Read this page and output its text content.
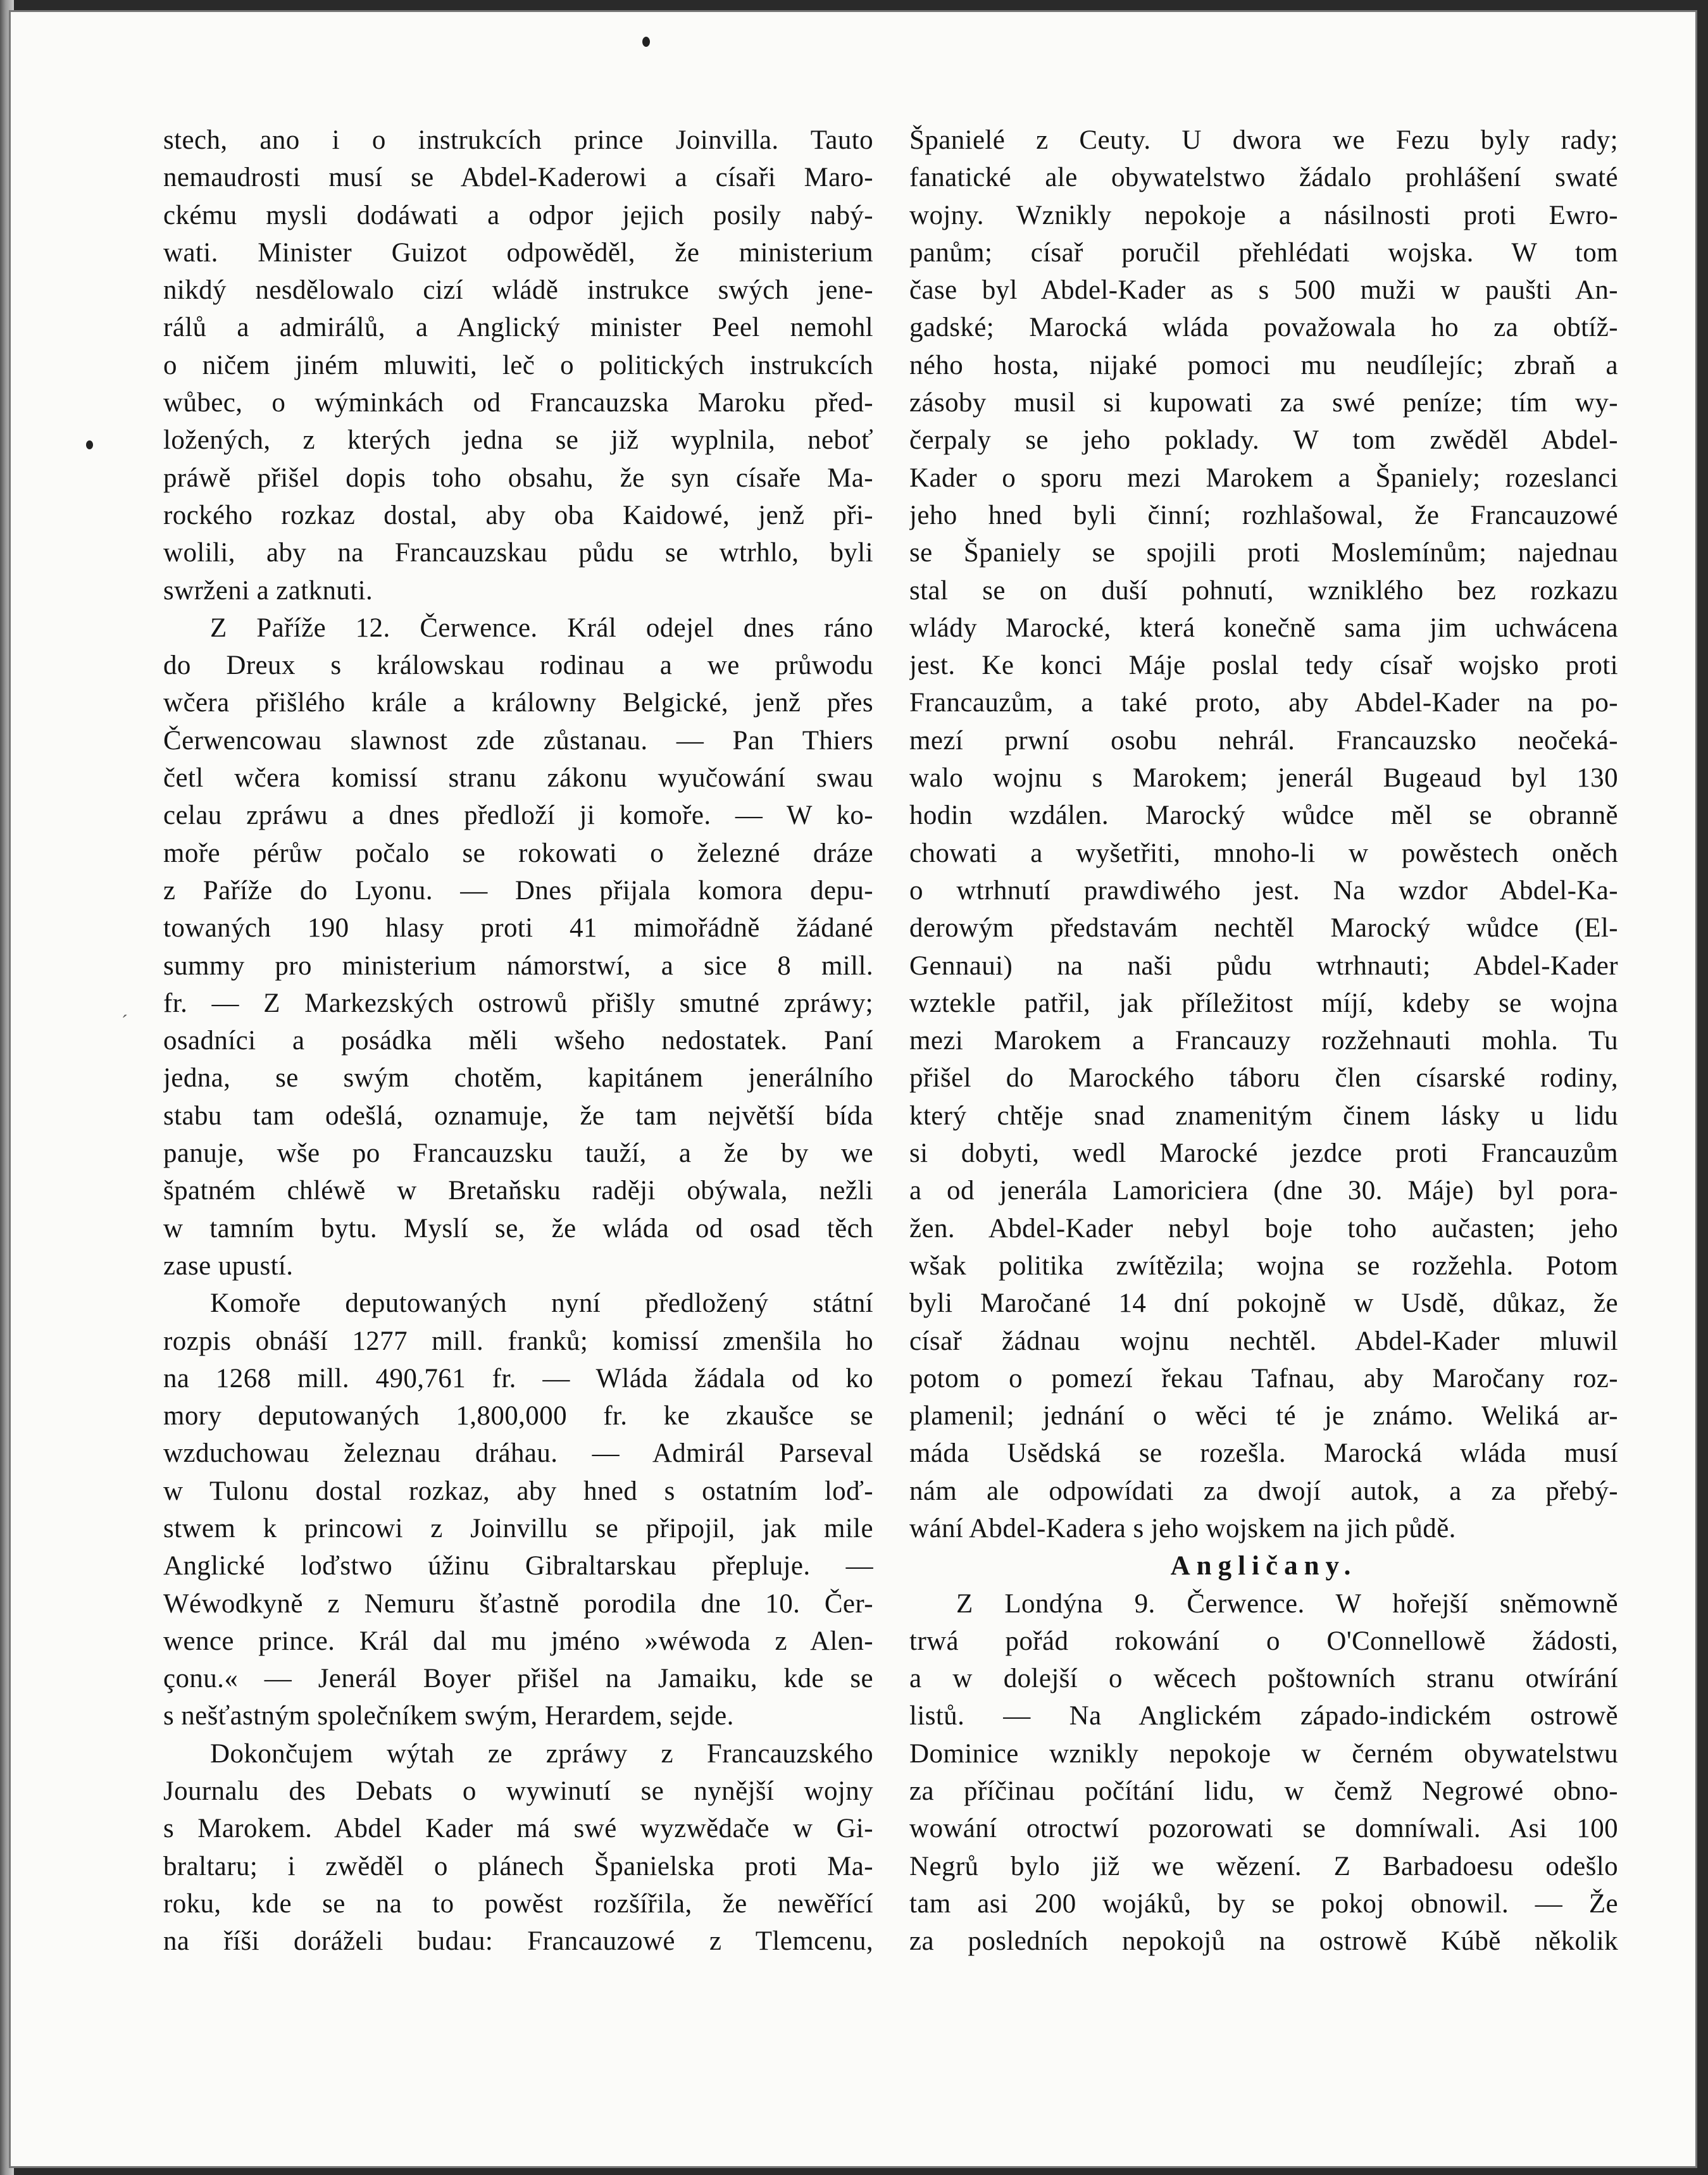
ˊ
stech, ano i o instrukcích prince Joinvilla. Tauto
nemaudrosti musí se Abdel-Kaderowi a císaři Maro-
ckému mysli dodáwati a odpor jejich posily nabý-
wati. Minister Guizot odpowěděl, že ministerium
nikdý nesdělowalo cizí wládě instrukce swých jene-
rálů a admirálů, a Anglický minister Peel nemohl
o ničem jiném mluwiti, leč o politických instrukcích
wůbec, o wýminkách od Francauzska Maroku před-
ložených, z kterých jedna se již wyplnila, neboť
práwě přišel dopis toho obsahu, že syn císaře Ma-
rockého rozkaz dostal, aby oba Kaidowé, jenž při-
wolili, aby na Francauzskau půdu se wtrhlo, byli
swrženi a zatknuti.
Z Paříže 12. Čerwence. Král odejel dnes ráno
do Dreux s králowskau rodinau a we průwodu
wčera přišlého krále a králowny Belgické, jenž přes
Čerwencowau slawnost zde zůstanau. — Pan Thiers
četl wčera komissí stranu zákonu wyučowání swau
celau zpráwu a dnes předloží ji komoře. — W ko-
moře pérůw počalo se rokowati o železné dráze
z Paříže do Lyonu. — Dnes přijala komora depu-
towaných 190 hlasy proti 41 mimořádně žádané
summy pro ministerium námorstwí, a sice 8 mill.
fr. — Z Markezských ostrowů přišly smutné zpráwy;
osadníci a posádka měli wšeho nedostatek. Paní
jedna, se swým chotěm, kapitánem jenerálního
stabu tam odešlá, oznamuje, že tam největší bída
panuje, wše po Francauzsku tauží, a že by we
špatném chléwě w Bretaňsku raději obýwala, nežli
w tamním bytu. Myslí se, že wláda od osad těch
zase upustí.
Komoře deputowaných nyní předložený státní
rozpis obnáší 1277 mill. franků; komissí zmenšila ho
na 1268 mill. 490,761 fr. — Wláda žádala od ko
mory deputowaných 1,800,000 fr. ke zkaušce se
wzduchowau železnau dráhau. — Admirál Parseval
w Tulonu dostal rozkaz, aby hned s ostatním loď-
stwem k princowi z Joinvillu se připojil, jak mile
Anglické loďstwo úžinu Gibraltarskau přepluje. —
Wéwodkyně z Nemuru šťastně porodila dne 10. Čer-
wence prince. Král dal mu jméno »wéwoda z Alen-
çonu.« — Jenerál Boyer přišel na Jamaiku, kde se
s nešťastným společníkem swým, Herardem, sejde.
Dokončujem wýtah ze zpráwy z Francauzského
Journalu des Debats o wywinutí se nynější wojny
s Marokem. Abdel Kader má swé wyzwědače w Gi-
braltaru; i zwěděl o plánech Španielska proti Ma-
roku, kde se na to powěst rozšířila, že newěřící
na říši doráželi budau: Francauzowé z Tlemcenu,
Španielé z Ceuty. U dwora we Fezu byly rady;
fanatické ale obywatelstwo žádalo prohlášení swaté
wojny. Wznikly nepokoje a násilnosti proti Ewro-
panům; císař poručil přehlédati wojska. W tom
čase byl Abdel-Kader as s 500 muži w paušti An-
gadské; Marocká wláda považowala ho za obtíž-
ného hosta, nijaké pomoci mu neudílejíc; zbraň a
zásoby musil si kupowati za swé peníze; tím wy-
čerpaly se jeho poklady. W tom zwěděl Abdel-
Kader o sporu mezi Marokem a Španiely; rozeslanci
jeho hned byli činní; rozhlašowal, že Francauzowé
se Španiely se spojili proti Moslemínům; najednau
stal se on duší pohnutí, wzniklého bez rozkazu
wlády Marocké, která konečně sama jim uchwácena
jest. Ke konci Máje poslal tedy císař wojsko proti
Francauzům, a také proto, aby Abdel-Kader na po-
mezí prwní osobu nehrál. Francauzsko neočeká-
walo wojnu s Marokem; jenerál Bugeaud byl 130
hodin wzdálen. Marocký wůdce měl se obranně
chowati a wyšetřiti, mnoho-li w powěstech oněch
o wtrhnutí prawdiwého jest. Na wzdor Abdel-Ka-
derowým představám nechtěl Marocký wůdce (El-
Gennaui) na naši půdu wtrhnauti; Abdel-Kader
wztekle patřil, jak příležitost míjí, kdeby se wojna
mezi Marokem a Francauzy rozžehnauti mohla. Tu
přišel do Marockého táboru člen císarské rodiny,
který chtěje snad znamenitým činem lásky u lidu
si dobyti, wedl Marocké jezdce proti Francauzům
a od jenerála Lamoriciera (dne 30. Máje) byl pora-
žen. Abdel-Kader nebyl boje toho aučasten; jeho
wšak politika zwítězila; wojna se rozžehla. Potom
byli Maročané 14 dní pokojně w Usdě, důkaz, že
císař žádnau wojnu nechtěl. Abdel-Kader mluwil
potom o pomezí řekau Tafnau, aby Maročany roz-
plamenil; jednání o wěci té je známo. Weliká ar-
máda Usědská se rozešla. Marocká wláda musí
nám ale odpowídati za dwojí autok, a za přebý-
wání Abdel-Kadera s jeho wojskem na jich půdě.
Angličany.
Z Londýna 9. Čerwence. W hořejší sněmowně
trwá pořád rokowání o O'Connellowě žádosti,
a w dolejší o wěcech poštowních stranu otwírání
listů. — Na Anglickém západo-indickém ostrowě
Dominice wznikly nepokoje w černém obywatelstwu
za příčinau počítání lidu, w čemž Negrowé obno-
wowání otroctwí pozorowati se domníwali. Asi 100
Negrů bylo již we wězení. Z Barbadoesu odešlo
tam asi 200 wojáků, by se pokoj obnowil. — Že
za posledních nepokojů na ostrowě Kúbě několik
